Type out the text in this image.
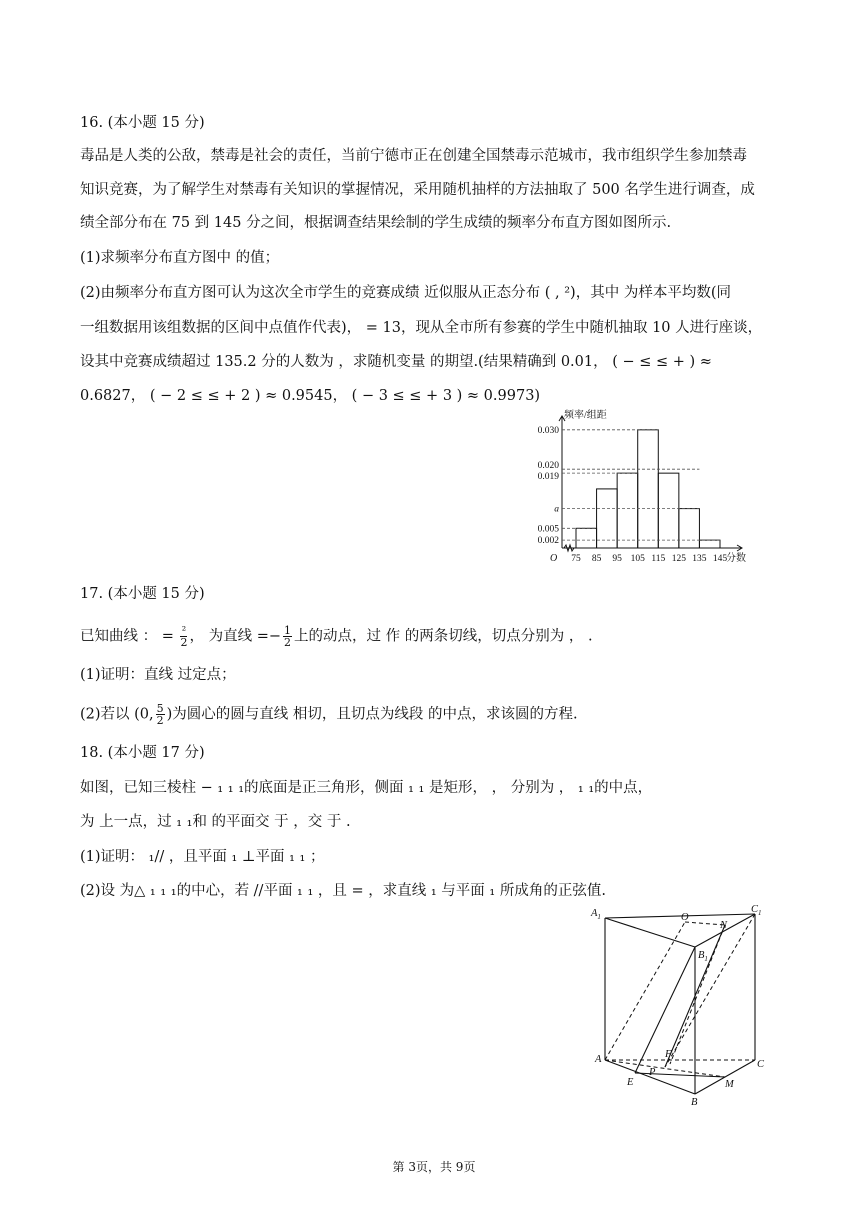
16. (本小题 15 分)
毒品是人类的公敌，禁毒是社会的责任，当前宁德市正在创建全国禁毒示范城市，我市组织学生参加禁毒
知识竞赛，为了解学生对禁毒有关知识的掌握情况，采用随机抽样的方法抽取了 500 名学生进行调查，成
绩全部分布在 75 到 145 分之间，根据调查结果绘制的学生成绩的频率分布直方图如图所示.
(1)求频率分布直方图中 的值；
(2)由频率分布直方图可认为这次全市学生的竞赛成绩 近似服从正态分布 ( , ²)，其中 为样本平均数(同
一组数据用该组数据的区间中点值作代表)， = 13，现从全市所有参赛的学生中随机抽取 10 人进行座谈，
设其中竞赛成绩超过 135.2 分的人数为 ，求随机变量 的期望.(结果精确到 0.01， ( − ≤ ≤ + ) ≈
0.6827， ( − 2 ≤ ≤ + 2 ) ≈ 0.9545， ( − 3 ≤ ≤ + 3 ) ≈ 0.9973)
0.030
0.020
0.019
a
0.005
0.002
75 85 95 105 115 125 135 145
分数
频率/组距
O
17. (本小题 15 分)
已知曲线 ： = $\frac{\text{²}}{2}$ ， 为直线 =− $\frac{1}{2}$ 上的动点，过 作 的两条切线，切点分别为 ， .
(1)证明：直线 过定点；
(2)若以 (0, $\frac{5}{2}$ )为圆心的圆与直线 相切，且切点为线段 的中点，求该圆的方程.
18. (本小题 17 分)
如图，已知三棱柱 − ₁ ₁ ₁的底面是正三角形，侧面 ₁ ₁ 是矩形， ， 分别为 ， ₁ ₁的中点，
为 上一点，过 ₁ ₁和 的平面交 于 ，交 于 .
(1)证明： ₁// ，且平面 ₁ ⊥平面 ₁ ₁ ；
(2)设 为△ ₁ ₁ ₁的中心，若 //平面 ₁ ₁ ，且 = ，求直线 ₁ 与平面 ₁ 所成角的正弦值.
$A_1$	O
N
$C_1$
$B_1$
A	F
C
E
P
M
B
第 3页，共 9页
